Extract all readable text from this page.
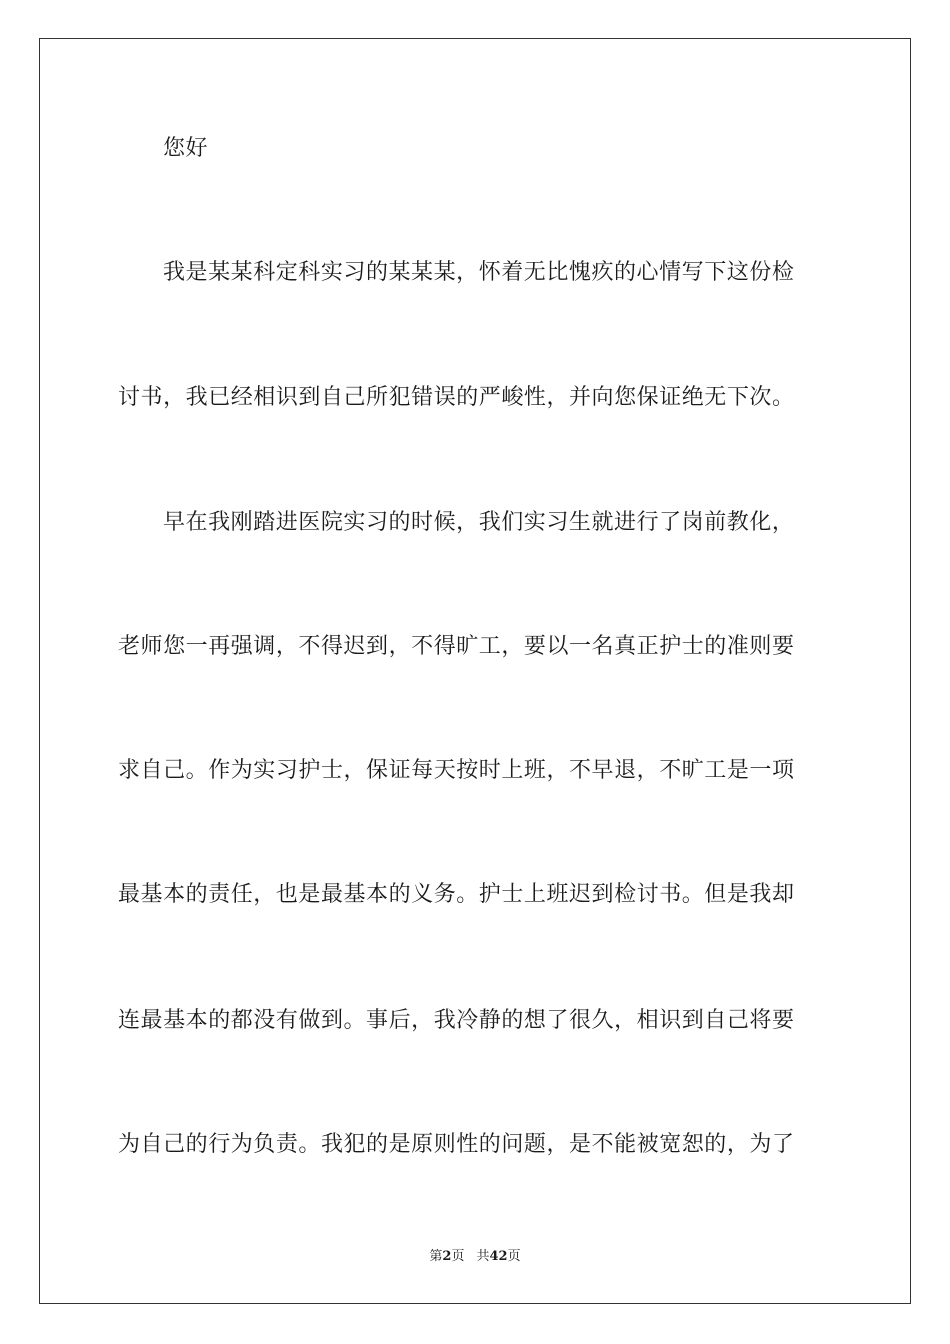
您好
我是某某科定科实习的某某某，怀着无比愧疚的心情写下这份检
讨书，我已经相识到自己所犯错误的严峻性，并向您保证绝无下次。
早在我刚踏进医院实习的时候，我们实习生就进行了岗前教化，
老师您一再强调，不得迟到，不得旷工，要以一名真正护士的准则要
求自己。作为实习护士，保证每天按时上班，不早退，不旷工是一项
最基本的责任，也是最基本的义务。护士上班迟到检讨书。但是我却
连最基本的都没有做到。事后，我冷静的想了很久，相识到自己将要
为自己的行为负责。我犯的是原则性的问题，是不能被宽恕的，为了
第2页 共42页
